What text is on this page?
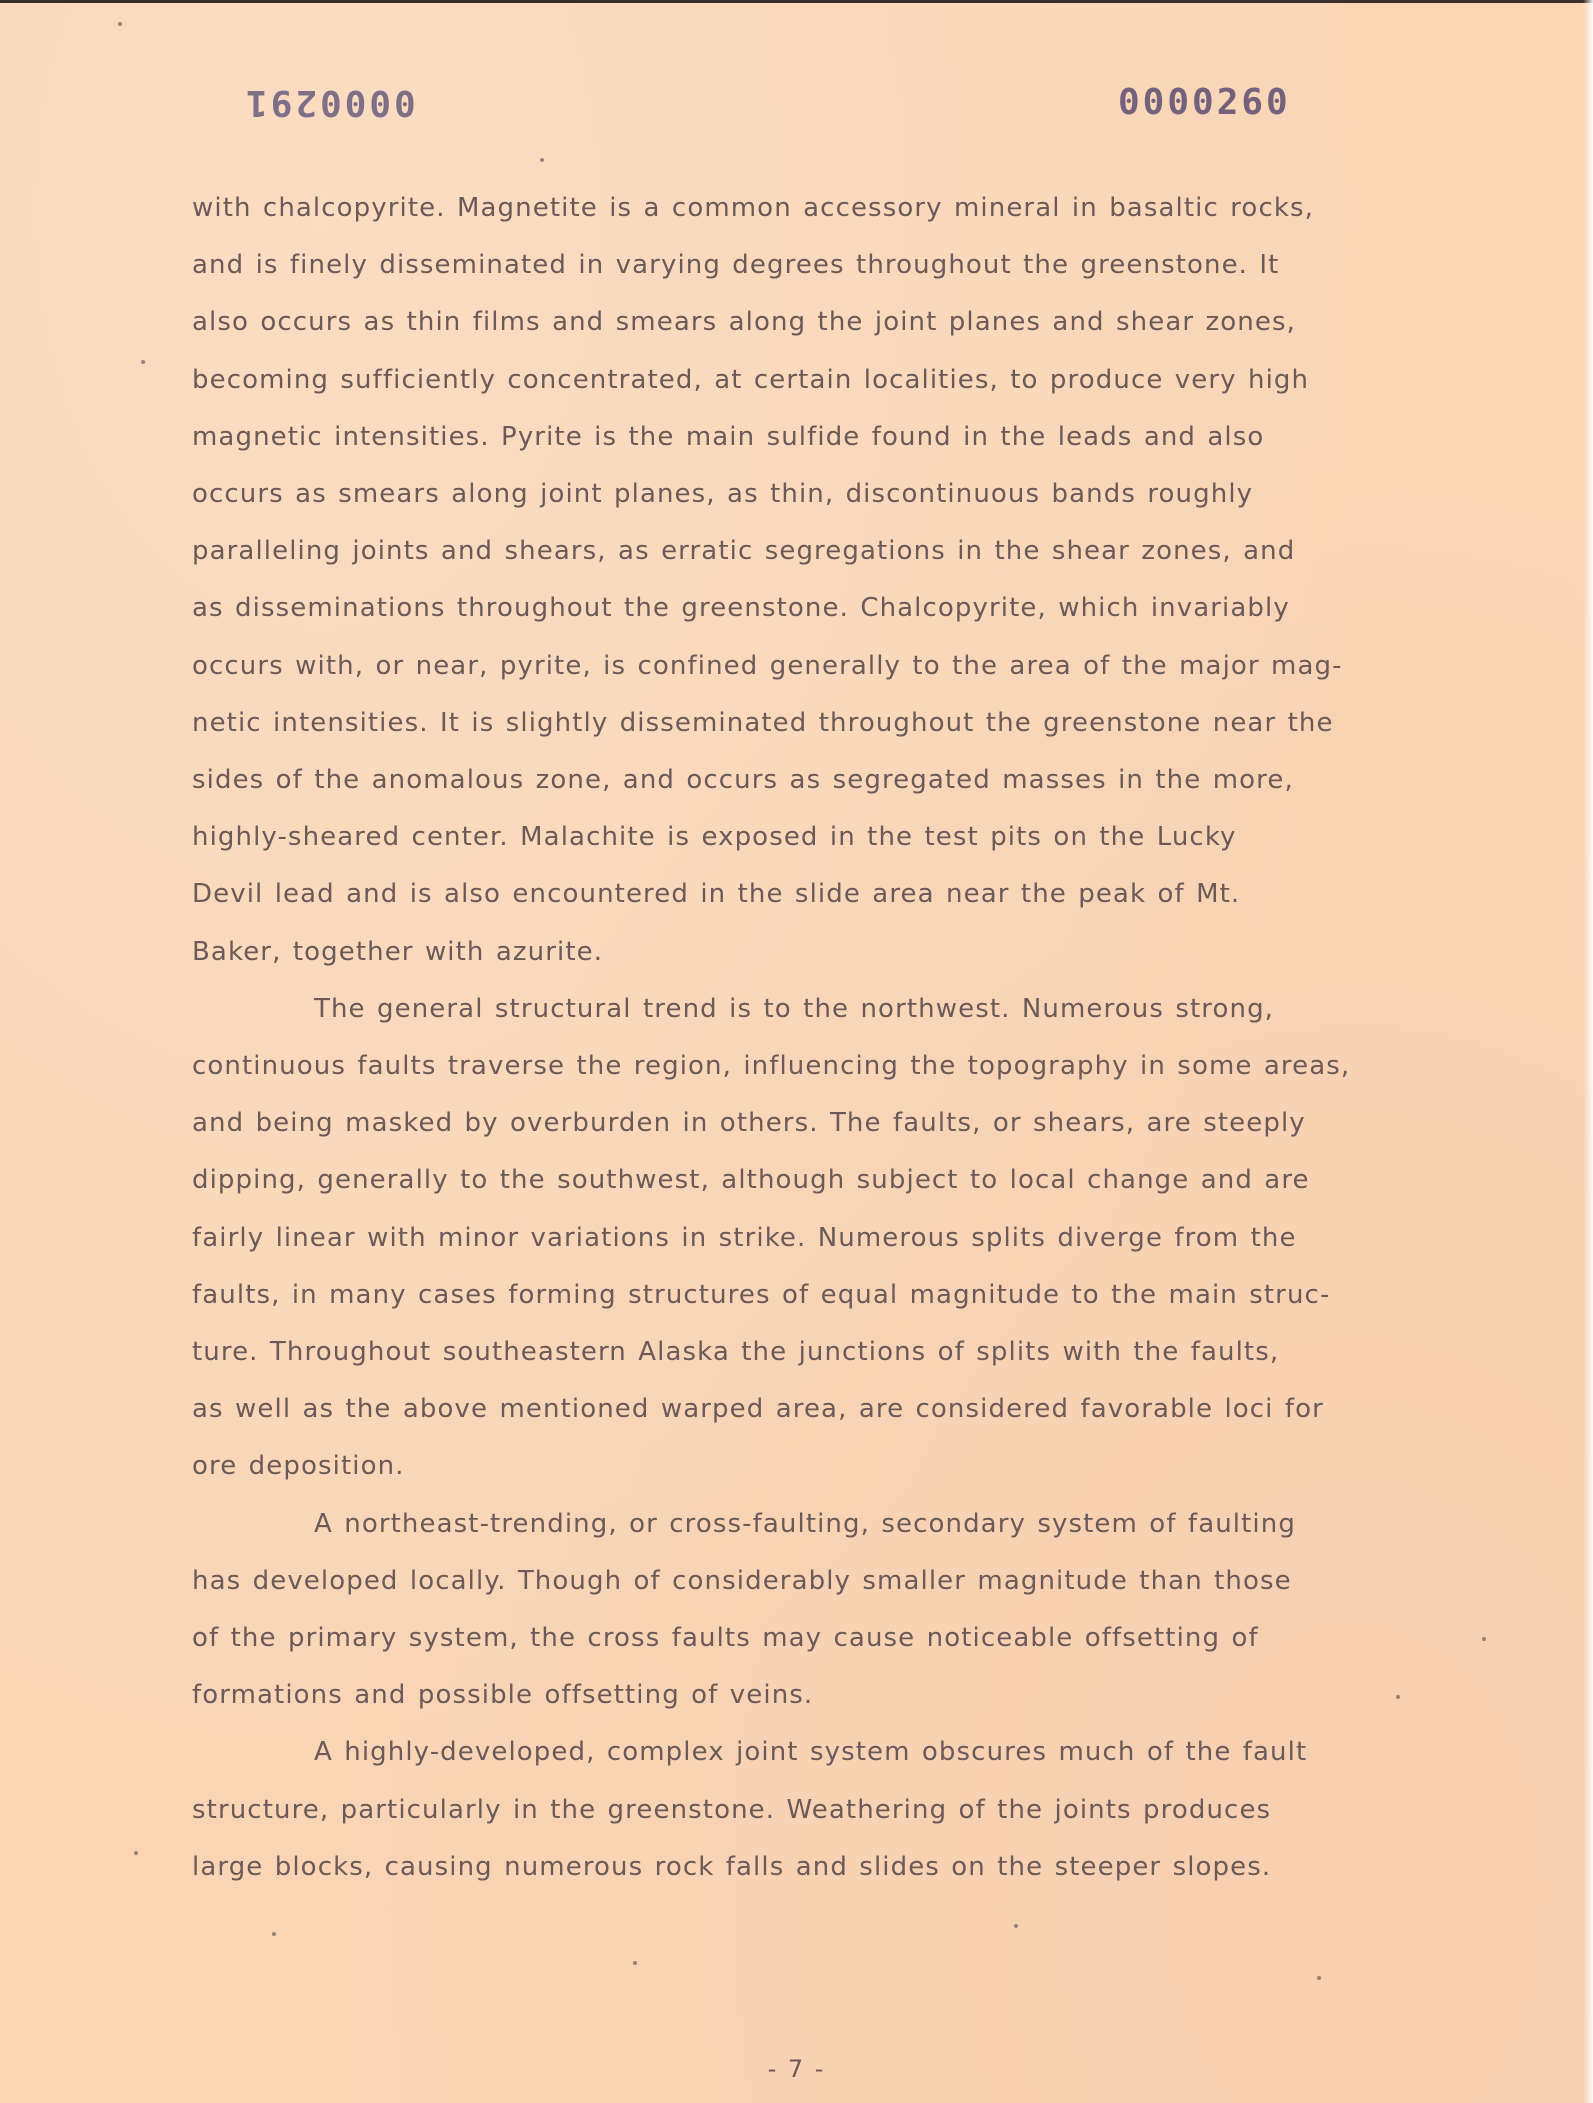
0000291	0000260

with chalcopyrite. Magnetite is a common accessory mineral in basaltic rocks,
and is finely disseminated in varying degrees throughout the greenstone. It
also occurs as thin films and smears along the joint planes and shear zones,
becoming sufficiently concentrated, at certain localities, to produce very high
magnetic intensities. Pyrite is the main sulfide found in the leads and also
occurs as smears along joint planes, as thin, discontinuous bands roughly
paralleling joints and shears, as erratic segregations in the shear zones, and
as disseminations throughout the greenstone. Chalcopyrite, which invariably
occurs with, or near, pyrite, is confined generally to the area of the major mag-
netic intensities. It is slightly disseminated throughout the greenstone near the
sides of the anomalous zone, and occurs as segregated masses in the more,
highly-sheared center. Malachite is exposed in the test pits on the Lucky
Devil lead and is also encountered in the slide area near the peak of Mt.
Baker, together with azurite.

The general structural trend is to the northwest. Numerous strong,
continuous faults traverse the region, influencing the topography in some areas,
and being masked by overburden in others. The faults, or shears, are steeply
dipping, generally to the southwest, although subject to local change and are
fairly linear with minor variations in strike. Numerous splits diverge from the
faults, in many cases forming structures of equal magnitude to the main struc-
ture. Throughout southeastern Alaska the junctions of splits with the faults,
as well as the above mentioned warped area, are considered favorable loci for
ore deposition.

A northeast-trending, or cross-faulting, secondary system of faulting
has developed locally. Though of considerably smaller magnitude than those
of the primary system, the cross faults may cause noticeable offsetting of
formations and possible offsetting of veins.

A highly-developed, complex joint system obscures much of the fault
structure, particularly in the greenstone. Weathering of the joints produces
large blocks, causing numerous rock falls and slides on the steeper slopes.

- 7 -
